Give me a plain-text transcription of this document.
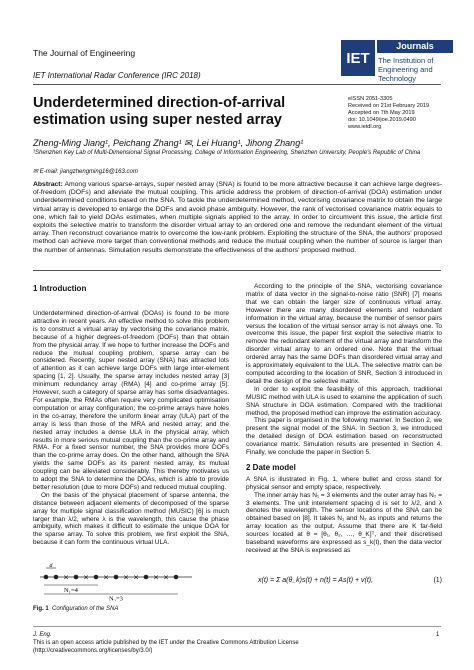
The Journal of Engineering
IET International Radar Conference (IRC 2018)
IET
Journals
The Institution of
Engineering and Technology
Underdetermined direction-of-arrival
estimation using super nested array
eISSN 2051-3305
Received on 21st February 2019
Accepted on 7th May 2019
doi: 10.1049/joe.2019.0490
www.ietdl.org
Zheng-Ming Jiang¹, Peichang Zhang¹ ✉, Lei Huang¹, Jihong Zhang¹
¹Shenzhen Key Lab of Multi-Dimensional Signal Processing, College of Information Engineering, Shenzhen University, People's Republic of China
✉ E-mail: jiangzhengming16@163.com
Abstract: Among various sparse-arrays, super nested array (SNA) is found to be more attractive because it can achieve large degrees-of-freedom (DOFs) and alleviate the mutual coupling. This article address the problem of direction-of-arrival (DOA) estimation under underdetermined conditions based on the SNA. To tackle the underdetermined method, vectorising covariance matrix to obtain the large virtual array is developed to enlarge the DOFs and avoid phase ambiguity. However, the rank of vectorised covariance matrix equals to one, which fail to yield DOAs estimates, when multiple signals applied to the array. In order to circumvent this issue, the article first exploits the selective matrix to transform the disorder virtual array to an ordered one and remove the redundant element of the virtual array. Then reconstruct covariance matrix to overcome the low-rank problem. Exploiting the structure of the SNA, the authors' proposed method can achieve more target than conventional methods and reduce the mutual coupling when the number of source is larger than the number of antennas. Simulation results demonstrate the effectiveness of the authors' proposed method.
1 Introduction

Underdetermined direction-of-arrival (DOAs) is found to be more attractive in recent years. An effective method to solve this problem is to construct a virtual array by vectorising the covariance matrix, because of a higher degrees-of-freedom (DOFs) than that obtain from the physical array. If we hope to further increase the DOFs and reduce the mutual coupling problem, sparse array can be considered. Recently, super nested array (SNA) has attracted lots of attention as it can achieve large DOFs with large inter-element spacing [1, 2]. Usually, the sparse array includes nested array [3] minimum redundancy array (RMA) [4] and co-prime array [5]. However, such a category of sparse array has some disadvantages. For example, the RMAs often require very complicated optimisation computation or array configuration; the co-prime arrays have holes in the co-array, therefore the uniform linear array (ULA) part of the array is less than those of the MRA and nested array; and the nested array includes a dense ULA in the physical array, which results in more serious mutual coupling than the co-prime array and RMA. For a fixed sensor number, the SNA provides more DOFs than the co-prime array does. On the other hand, although the SNA yields the same DOFs as its parent nested array, its mutual coupling can be alleviated considerably. This thereby motivates us to adopt the SNA to determine the DOAs, which is able to provide better resolution (due to more DOFs) and reduced mutual coupling.

On the basis of the physical placement of sparse antenna, the distance between adjacent elements of decomposed of the sparse array for multiple signal classification method (MUSIC) [6] is much larger than λ/2, where λ is the wavelength, this cause the phase ambiguity, which makes it difficult to estimate the unique DOA for the sparse array. To solve this problem, we first exploit the SNA, because it can form the continuous virtual ULA.

According to the principle of the SNA, vectorising covariance matrix of data vector in the signal-to-noise ratio (SNR) [7] means that we can obtain the larger size of continuous virtual array. However there are many disordered elements and redundant information in the virtual array, because the number of sensor pairs versus the location of the virtual sensor array is not always one. To overcome this issue, the paper first exploit the selective matrix to remove the redundant element of the virtual array and transform the disorder virtual array to an ordered one. Note that the virtual ordered array has the same DOFs than disordered virtual array and is approximately equivalent to the ULA. The selective matrix can be computed according to the location of SNR, Section 3 introduced in detail the design of the selective matrix.

In order to exploit the feasibility of this approach, traditional MUSIC method with ULA is used to examine the application of such SNA structure in DOA estimation. Compared with the traditional method, the proposed method can improve the estimation accuracy.

This paper is organised in the following manner. In Section 2, we present the signal model of the SNA. In Section 3, we introduced the detailed design of DOA estimation based on reconstructed covariance matrix. Simulation results are presented in Section 4. Finally, we conclude the paper in Section 5.

2 Date model

A SNA is illustrated in Fig. 1, where bullet and cross stand for physical sensor and empty space, respectively.

The inner array has N₁ = 3 elements and the outer array has N₂ = 3 elements. The unit interelement spacing d is set to λ/2, and λ denotes the wavelength. The sensor locations of the SNA can be obtained based on [8]. It takes N₁ and N₂ as inputs and returns the array location as the output. Assume that there are K far-field sources located at θ = [θ₁, θ₂, …, θ_K]ᵀ, and their discretised baseband waveforms are expressed as s_k(t), then the data vector received at the SNA is expressed as

× × × × × × ×
d
N₁=4
N₂=3
Fig. 1 Configuration of the SNA
x(t) = Σ a(θ_k)s(t) + n(t) = As(t) + v(t),	(1)
J. Eng.
This is an open access article published by the IET under the Creative Commons Attribution License
(http://creativecommons.org/licenses/by/3.0/)
1
